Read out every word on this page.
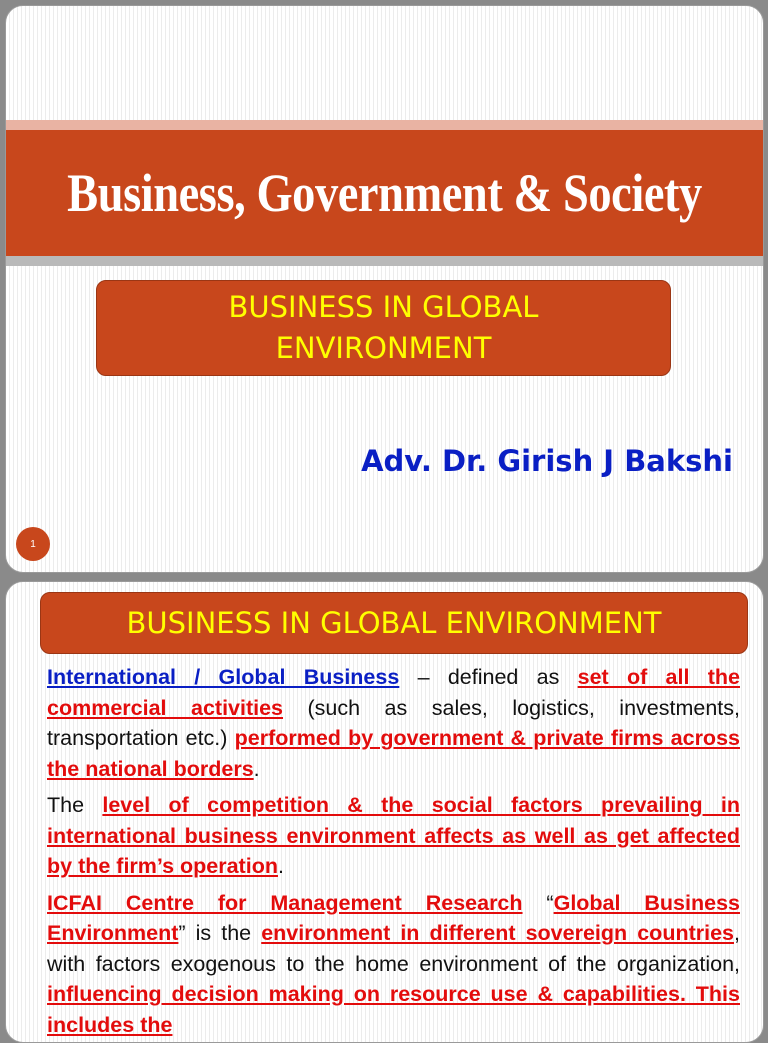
Business, Government & Society
BUSINESS IN GLOBAL ENVIRONMENT
Adv. Dr. Girish J Bakshi
1
BUSINESS IN GLOBAL ENVIRONMENT

International / Global Business – defined as set of all the commercial activities (such as sales, logistics, investments, transportation etc.) performed by government & private firms across the national borders.

The level of competition & the social factors prevailing in international business environment affects as well as get affected by the firm’s operation.

ICFAI Centre for Management Research “Global Business Environment” is the environment in different sovereign countries, with factors exogenous to the home environment of the organization, influencing decision making on resource use & capabilities. This includes the
